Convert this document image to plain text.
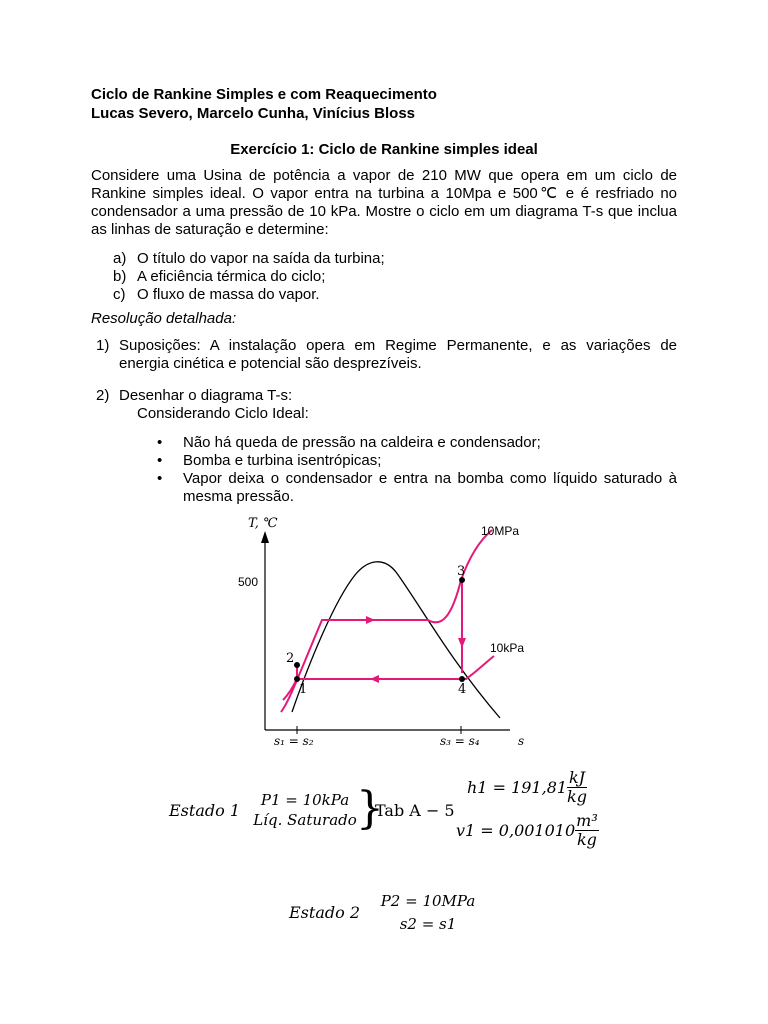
Ciclo de Rankine Simples e com Reaquecimento
Lucas Severo, Marcelo Cunha, Vinícius Bloss
Exercício 1: Ciclo de Rankine simples ideal
Considere uma Usina de potência a vapor de 210 MW que opera em um ciclo de
Rankine simples ideal. O vapor entra na turbina a 10Mpa e 500℃ e é resfriado no
condensador a uma pressão de 10 kPa. Mostre o ciclo em um diagrama T-s que inclua
as linhas de saturação e determine:
a) O título do vapor na saída da turbina;
b) A eficiência térmica do ciclo;
c) O fluxo de massa do vapor.
Resolução detalhada:
1) Suposições: A instalação opera em Regime Permanente, e as variações de
energia cinética e potencial são desprezíveis.
2) Desenhar o diagrama T-s:
Considerando Ciclo Ideal:
• Não há queda de pressão na caldeira e condensador;
• Bomba e turbina isentrópicas;
•	Vapor deixa o condensador e entra na bomba como líquido saturado à
mesma pressão.
T, ℃
s
500
10MPa
10kPa
1
2
3
4
s₁ = s₂	s₃ = s₄
Estado 1
P1 = 10kPa
Líq. Saturado }
Tab A − 5
$h1 = 191,81 \frac{kJ}{kg}$
$v1 = 0,001010 \frac{\text{m³}}{kg}$
Estado 2
P2 = 10MPa
s2 = s1
